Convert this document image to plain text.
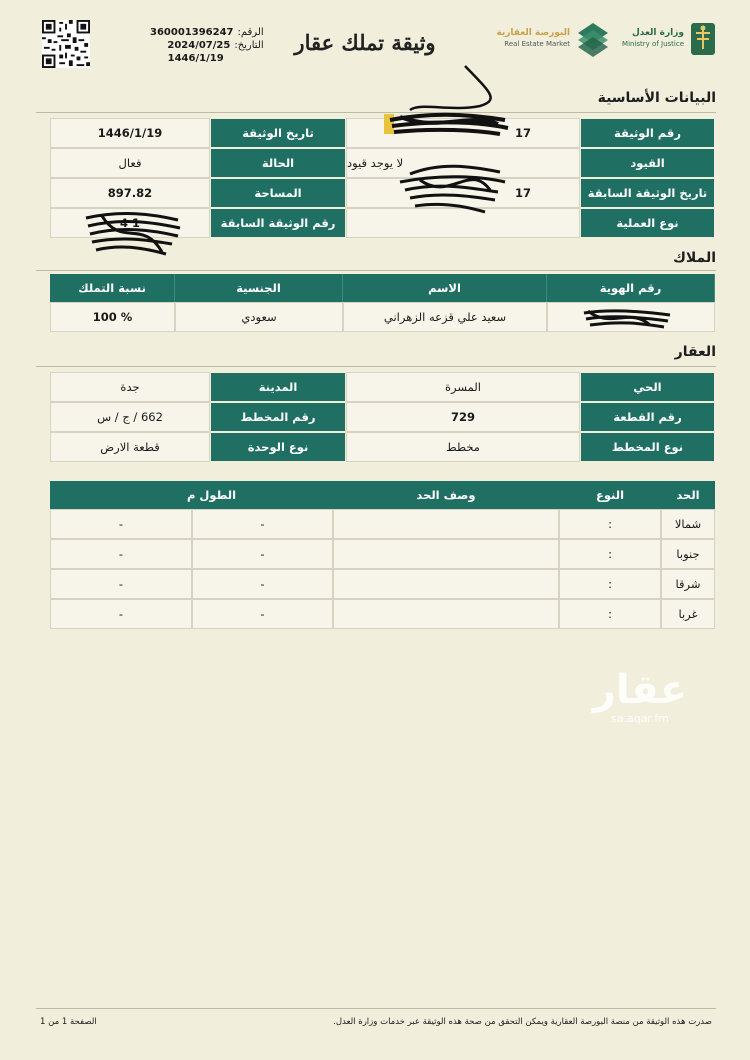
360001396247 الرقم:
2024/07/25 التاريخ:
1446/1/19
وثيقة تملك عقار	البورصة العقارية
Real Estate Market
وزارة العدل
Ministry of Justice
البيانات الأساسية
1446/1/19	تاريخ الوثيقة	17	رقم الوثيقة
فعال	الحالة	لا يوجد قيود	القيود
897.82	المساحة	17	تاريخ الوثيقة السابقة
4 1	رقم الوثيقة السابقة	نوع العملية
الملاك
نسبة التملك	الجنسية	الاسم	رقم الهوية
100 %	سعودي	سعيد علي قزعه الزهراني
العقار
جدة	المدينة	المسرة	الحي
662 / ج / س	رقم المخطط	729	رقم القطعة
قطعة الارض	نوع الوحدة	مخطط	نوع المخطط
الطول م	وصف الحد	النوع	الحد
-	-	:	شمالا
-	-	:	جنوبا
-	-	:	شرقا
-	-	:	غربا
عقار
sa.aqar.fm
صدرت هذه الوثيقة من منصة البورصة العقارية ويمكن التحقق من صحة هذه الوثيقة عبر خدمات وزارة العدل.
الصفحة 1 من 1
